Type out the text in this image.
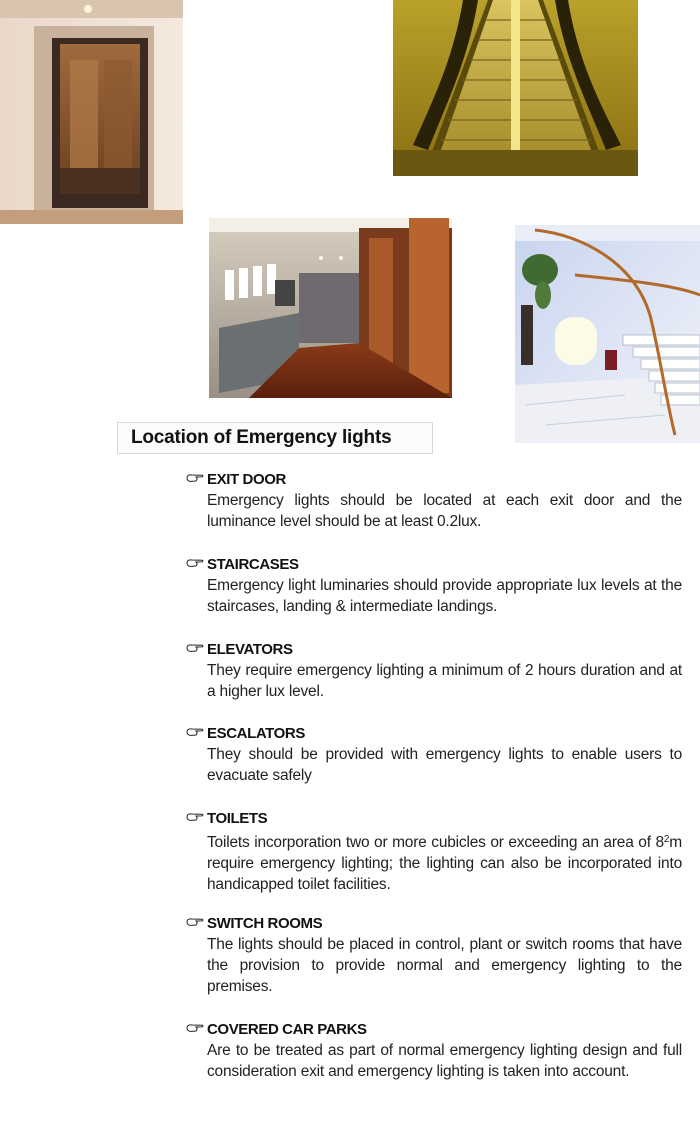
Location of Emergency lights
EXIT DOOR
Emergency lights should be located at each exit door and the luminance level should be at least 0.2lux.
STAIRCASES
Emergency light luminaries should provide appropriate lux levels at the staircases, landing & intermediate landings.
ELEVATORS
They require emergency lighting a minimum of 2 hours duration and at a higher lux level.
ESCALATORS
They should be provided with emergency lights to enable users to evacuate safely
TOILETS
Toilets incorporation two or more cubicles or exceeding an area of $8^2m$ require emergency lighting; the lighting can also be incorporated into handicapped toilet facilities.
SWITCH ROOMS
The lights should be placed in control, plant or switch rooms that have the provision to provide normal and emergency lighting to the premises.
COVERED CAR PARKS
Are to be treated as part of normal emergency lighting design and full consideration exit and emergency lighting is taken into account.
